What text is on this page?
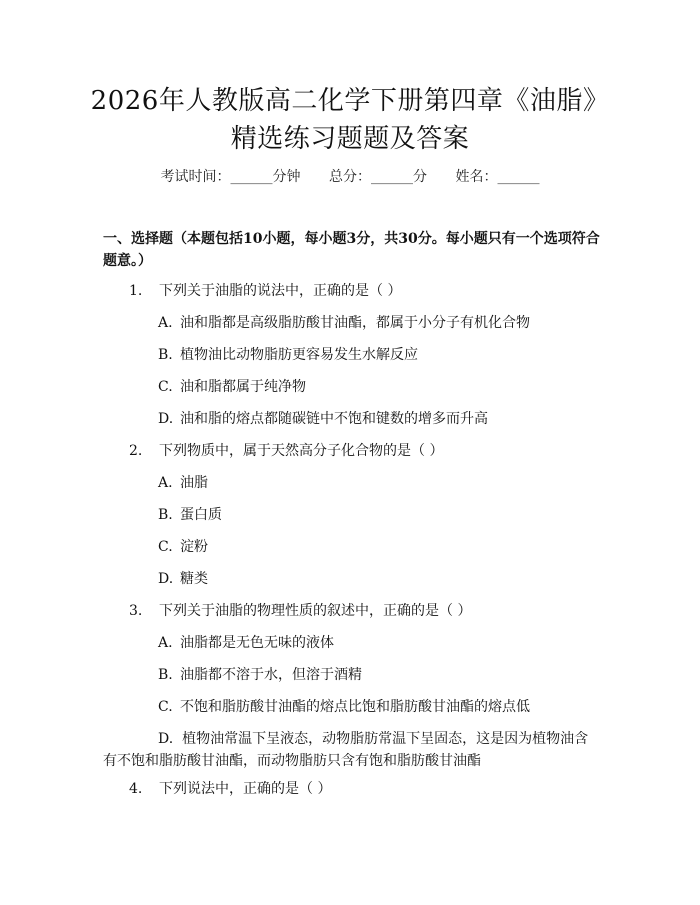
2026年人教版高二化学下册第四章《油脂》
精选练习题题及答案
考试时间：______分钟 总分：______分 姓名：______
一、选择题（本题包括10小题，每小题3分，共30分。每小题只有一个选项符合题意。）
1. 下列关于油脂的说法中，正确的是（ ）
A. 油和脂都是高级脂肪酸甘油酯，都属于小分子有机化合物
B. 植物油比动物脂肪更容易发生水解反应
C. 油和脂都属于纯净物
D. 油和脂的熔点都随碳链中不饱和键数的增多而升高
2. 下列物质中，属于天然高分子化合物的是（ ）
A. 油脂
B. 蛋白质
C. 淀粉
D. 糖类
3. 下列关于油脂的物理性质的叙述中，正确的是（ ）
A. 油脂都是无色无味的液体
B. 油脂都不溶于水，但溶于酒精
C. 不饱和脂肪酸甘油酯的熔点比饱和脂肪酸甘油酯的熔点低
D. 植物油常温下呈液态，动物脂肪常温下呈固态，这是因为植物油含有不饱和脂肪酸甘油酯，而动物脂肪只含有饱和脂肪酸甘油酯
4. 下列说法中，正确的是（ ）
